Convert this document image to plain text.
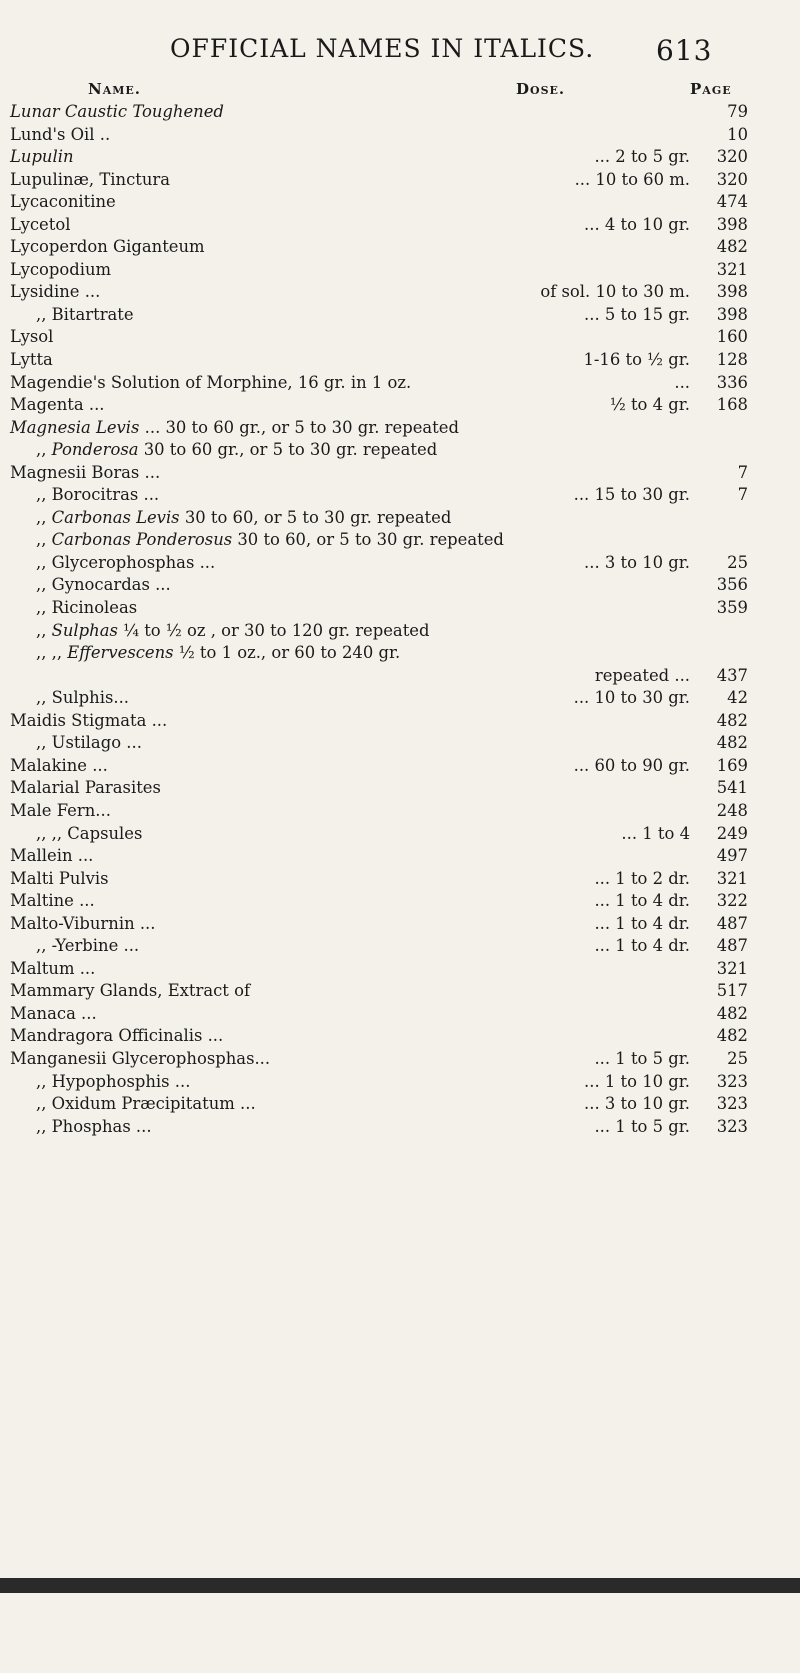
OFFICIAL NAMES IN ITALICS. 613
Name.	Dose.	Page
Lunar Caustic Toughened	79
Lund's Oil ..	10
Lupulin	... 2 to 5 gr.	320
Lupulinæ, Tinctura	... 10 to 60 m.	320
Lycaconitine	474
Lycetol	... 4 to 10 gr.	398
Lycoperdon Giganteum	482
Lycopodium	321
Lysidine ...	of sol. 10 to 30 m.	398
,, Bitartrate	... 5 to 15 gr.	398
Lysol	160
Lytta	1-16 to ½ gr.	128
Magendie's Solution of Morphine, 16 gr. in 1 oz.	...	336
Magenta ...	½ to 4 gr.	168
Magnesia Levis ... 30 to 60 gr., or 5 to 30 gr. repeated
,, Ponderosa 30 to 60 gr., or 5 to 30 gr. repeated
Magnesii Boras ...	7
,, Borocitras ...	... 15 to 30 gr.	7
,, Carbonas Levis 30 to 60, or 5 to 30 gr. repeated
,, Carbonas Ponderosus 30 to 60, or 5 to 30 gr. repeated
,, Glycerophosphas ...	... 3 to 10 gr.	25
,, Gynocardas ...	356
,, Ricinoleas	359
,, Sulphas ¼ to ½ oz , or 30 to 120 gr. repeated
,, ,, Effervescens ½ to 1 oz., or 60 to 240 gr.
repeated ...	437
,, Sulphis...	... 10 to 30 gr.	42
Maidis Stigmata ...	482
,, Ustilago ...	482
Malakine ...	... 60 to 90 gr.	169
Malarial Parasites	541
Male Fern...	248
,, ,, Capsules	... 1 to 4	249
Mallein ...	497
Malti Pulvis	... 1 to 2 dr.	321
Maltine ...	... 1 to 4 dr.	322
Malto-Viburnin ...	... 1 to 4 dr.	487
,, -Yerbine ...	... 1 to 4 dr.	487
Maltum ...	321
Mammary Glands, Extract of	517
Manaca ...	482
Mandragora Officinalis ...	482
Manganesii Glycerophosphas...	... 1 to 5 gr.	25
,, Hypophosphis ...	... 1 to 10 gr.	323
,, Oxidum Præcipitatum ...	... 3 to 10 gr.	323
,, Phosphas ...	... 1 to 5 gr.	323
